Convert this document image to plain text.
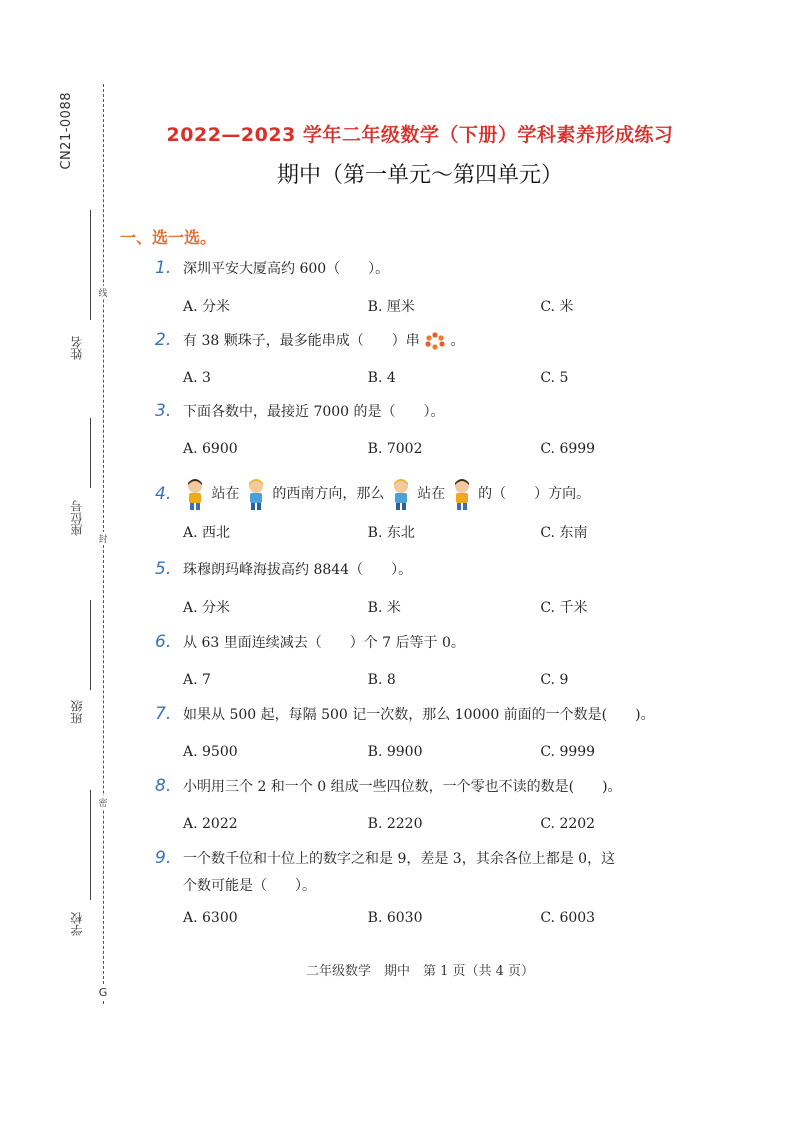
CN21-0088
姓名
线
座位号
封
班级
密
学校
G
2022—2023 学年二年级数学（下册）学科素养形成练习
期中（第一单元～第四单元）
一、选一选。
1. 深圳平安大厦高约 600（　　）。
A. 分米	B. 厘米	C. 米
2. 有 38 颗珠子，最多能串成（　　）串 。
A. 3	B. 4	C. 5
3. 下面各数中，最接近 7000 的是（　　）。
A. 6900	B. 7002	C. 6999
4.	站在 的西南方向，那么 站在 的（　　）方向。
A. 西北	B. 东北	C. 东南
5. 珠穆朗玛峰海拔高约 8844（　　）。
A. 分米	B. 米	C. 千米
6. 从 63 里面连续减去（　　）个 7 后等于 0。
A. 7	B. 8	C. 9
7. 如果从 500 起，每隔 500 记一次数，那么 10000 前面的一个数是(　　)。
A. 9500	B. 9900	C. 9999
8. 小明用三个 2 和一个 0 组成一些四位数，一个零也不读的数是(　　)。
A. 2022	B. 2220	C. 2202
9. 一个数千位和十位上的数字之和是 9，差是 3，其余各位上都是 0，这
个数可能是（　　）。
A. 6300	B. 6030	C. 6003
二年级数学　期中　第 1 页（共 4 页）
